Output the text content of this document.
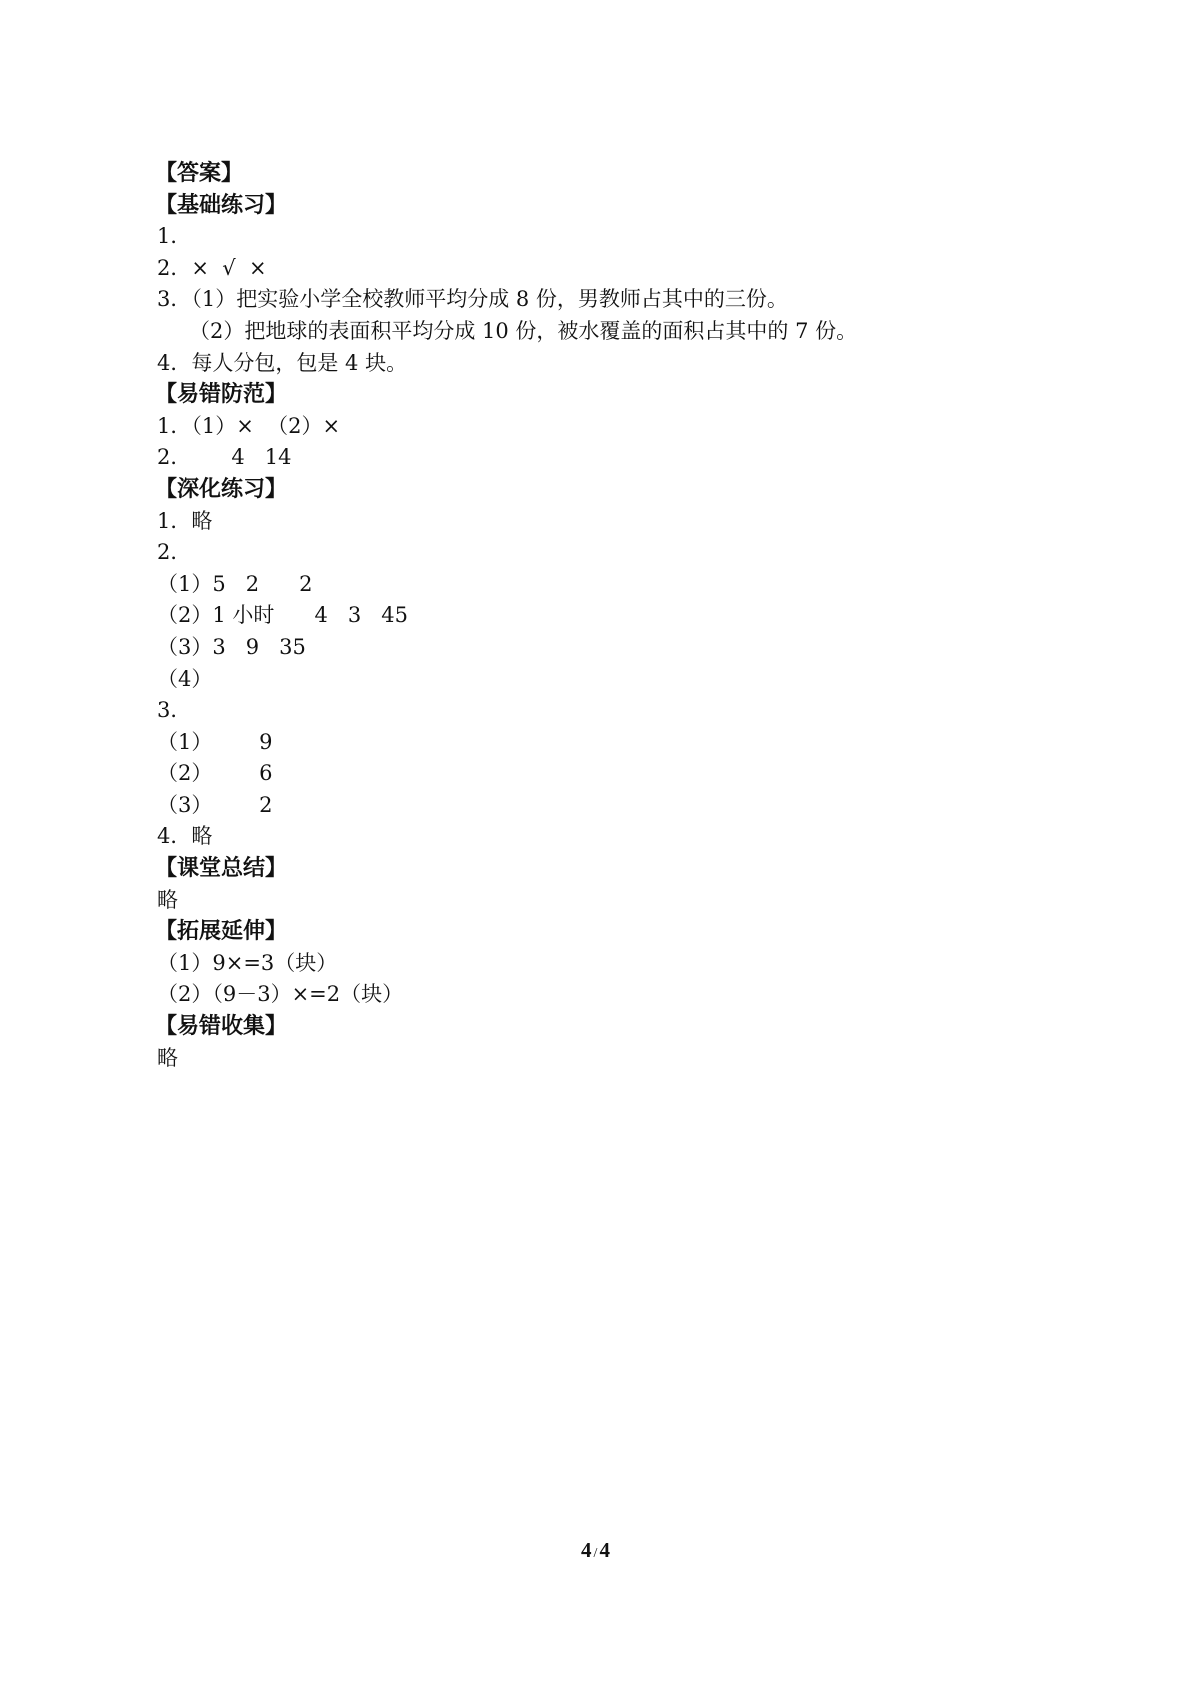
【答案】
【基础练习】
1．
2．×  √  ×
3．（1）把实验小学全校教师平均分成 8 份，男教师占其中的三份。
（2）把地球的表面积平均分成 10 份，被水覆盖的面积占其中的 7 份。
4．每人分包，包是 4 块。
【易错防范】
1．（1）×  （2）×
2．      4   14
【深化练习】
1．略
2．
（1）5   2      2
（2）1 小时      4   3   45
（3）3   9   35
（4）
3．
（1）       9
（2）       6
（3）       2
4．略
【课堂总结】
略
【拓展延伸】
（1）9×=3（块）
（2）（9－3）×=2（块）
【易错收集】
略
4 /4
